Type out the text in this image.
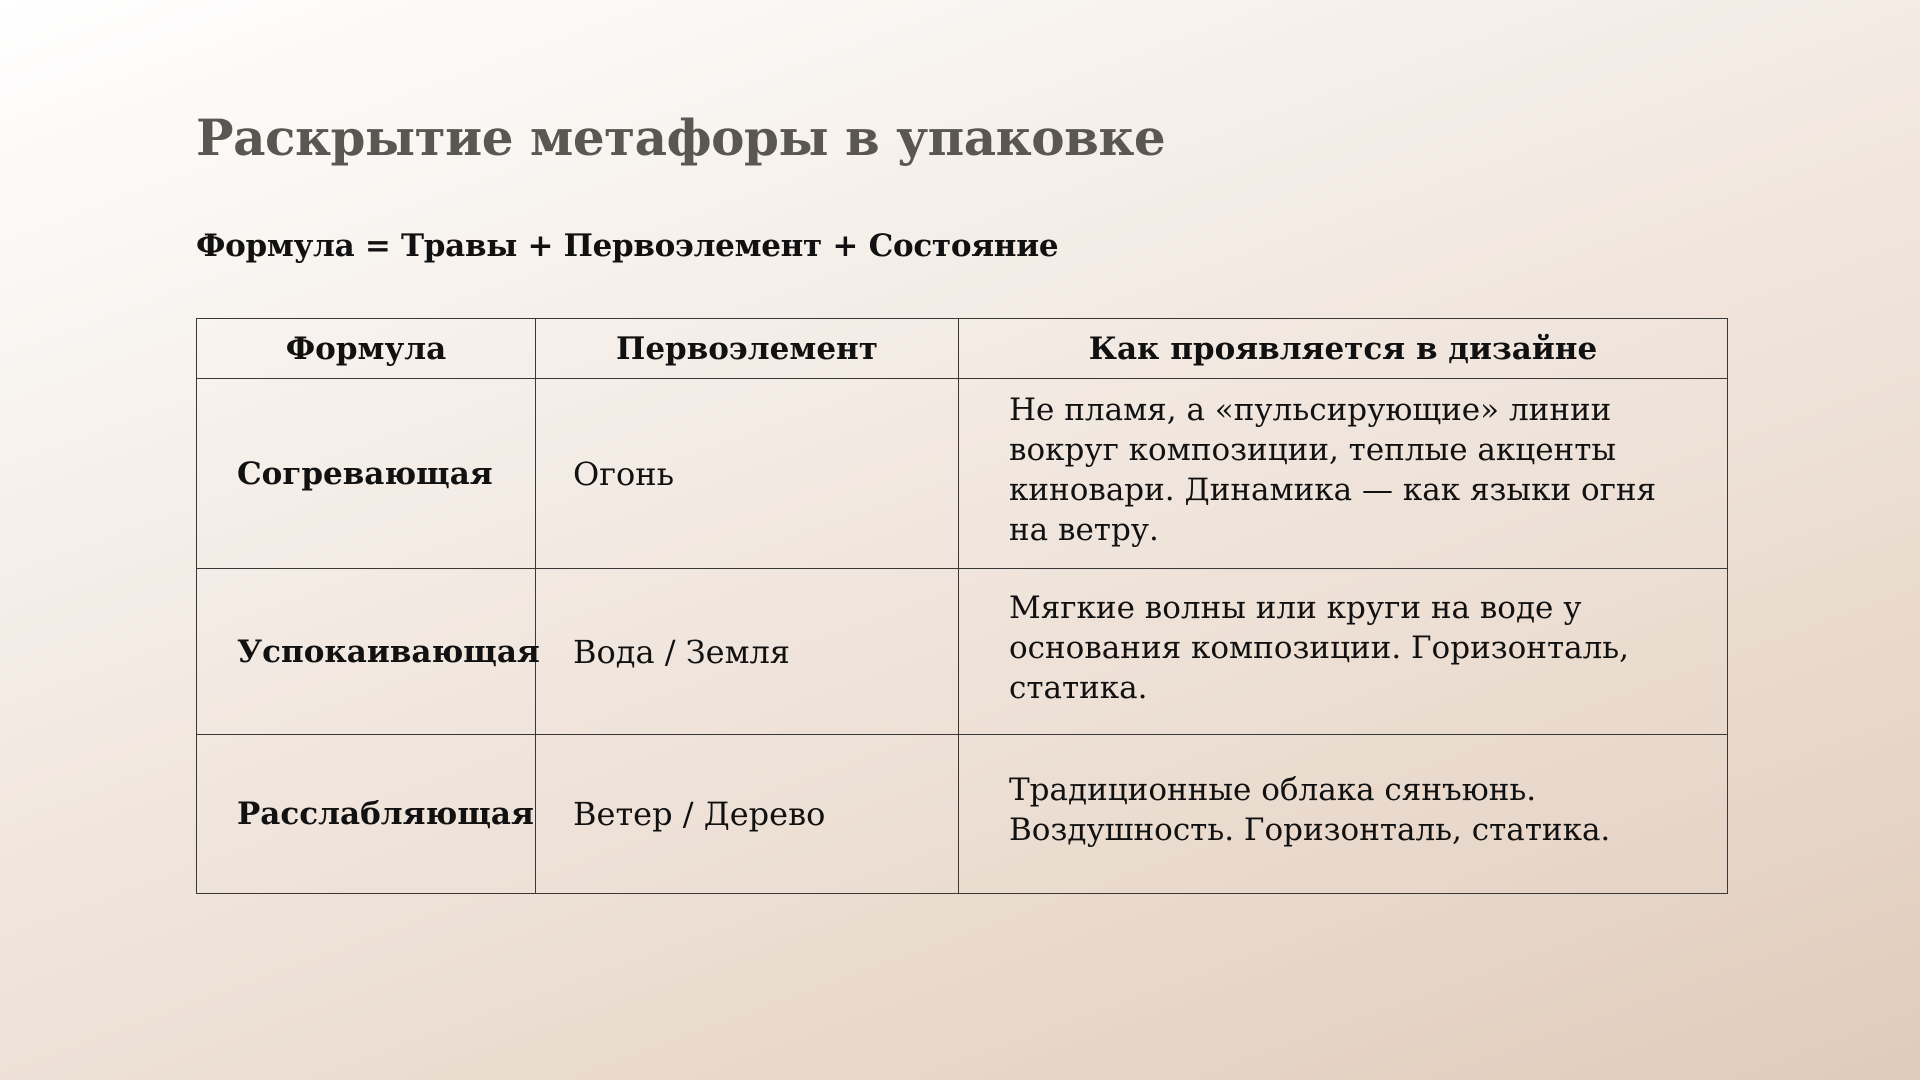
Раскрытие метафоры в упаковке

Формула = Травы + Первоэлемент + Состояние

Формула	Первоэлемент	Как проявляется в дизайне
Согревающая	Огонь	Не пламя, а «пульсирующие» линии вокруг композиции, теплые акценты киновари. Динамика — как языки огня на ветру.
Успокаивающая	Вода / Земля	Мягкие волны или круги на воде у основания композиции. Горизонталь, статика.
Расслабляющая	Ветер / Дерево	Традиционные облака сянъюнь. Воздушность. Горизонталь, статика.
